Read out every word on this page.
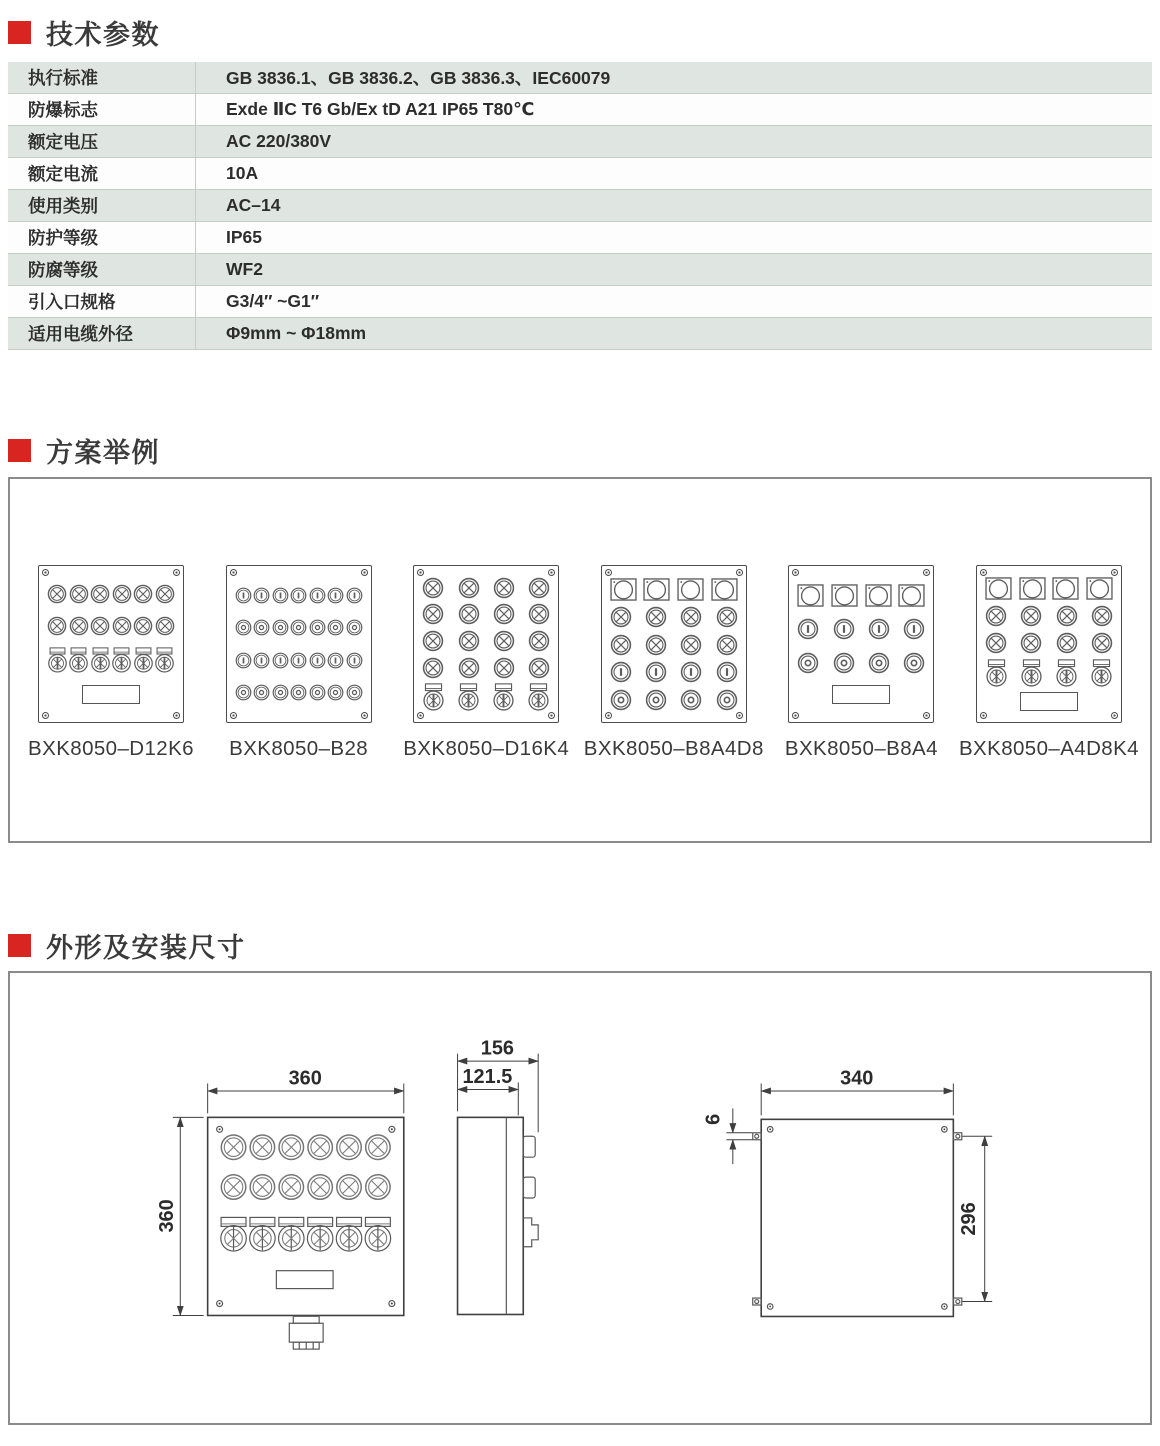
技术参数
执行标准	GB 3836.1、GB 3836.2、GB 3836.3、IEC60079
防爆标志	Exde ⅡC T6 Gb/Ex tD A21 IP65 T80℃
额定电压	AC 220/380V
额定电流	10A
使用类别	AC–14
防护等级	IP65
防腐等级	WF2
引入口规格	G3/4″ ~G1″
适用电缆外径	Φ9mm ~ Φ18mm
方案举例
BXK8050–D12K6 BXK8050–B28 BXK8050–D16K4 BXK8050–B8A4D8 BXK8050–B8A4 BXK8050–A4D8K4
外形及安装尺寸
360
360
156
121.5	340
6
296
